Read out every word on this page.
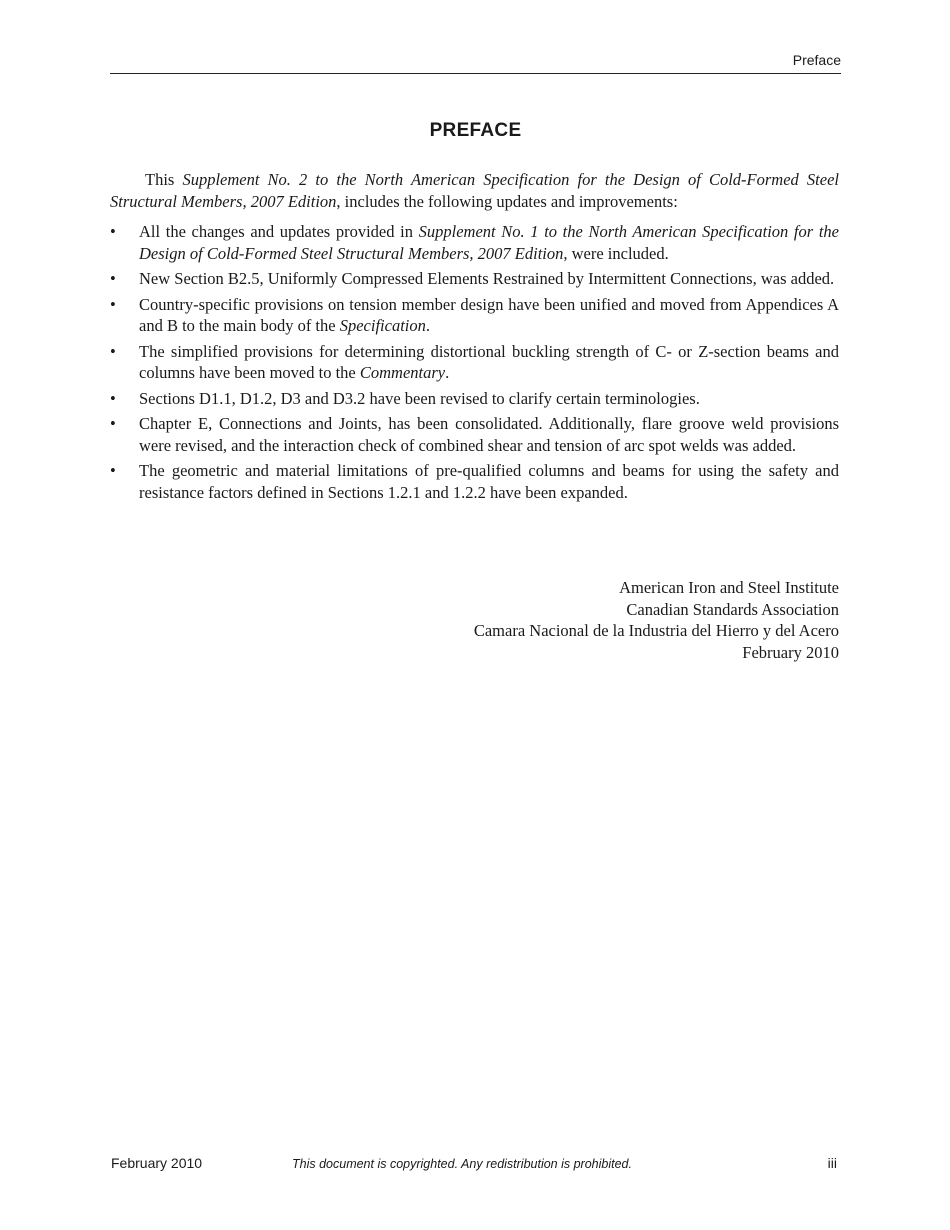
Preface
PREFACE

This Supplement No. 2 to the North American Specification for the Design of Cold-Formed Steel Structural Members, 2007 Edition, includes the following updates and improvements:

• All the changes and updates provided in Supplement No. 1 to the North American Specification for the Design of Cold-Formed Steel Structural Members, 2007 Edition, were included.
• New Section B2.5, Uniformly Compressed Elements Restrained by Intermittent Connections, was added.
• Country-specific provisions on tension member design have been unified and moved from Appendices A and B to the main body of the Specification.
• The simplified provisions for determining distortional buckling strength of C- or Z-section beams and columns have been moved to the Commentary.
• Sections D1.1, D1.2, D3 and D3.2 have been revised to clarify certain terminologies.
• Chapter E, Connections and Joints, has been consolidated. Additionally, flare groove weld provisions were revised, and the interaction check of combined shear and tension of arc spot welds was added.
• The geometric and material limitations of pre-qualified columns and beams for using the safety and resistance factors defined in Sections 1.2.1 and 1.2.2 have been expanded.
American Iron and Steel Institute
Canadian Standards Association
Camara Nacional de la Industria del Hierro y del Acero
February 2010
February 2010	This document is copyrighted. Any redistribution is prohibited.	iii
